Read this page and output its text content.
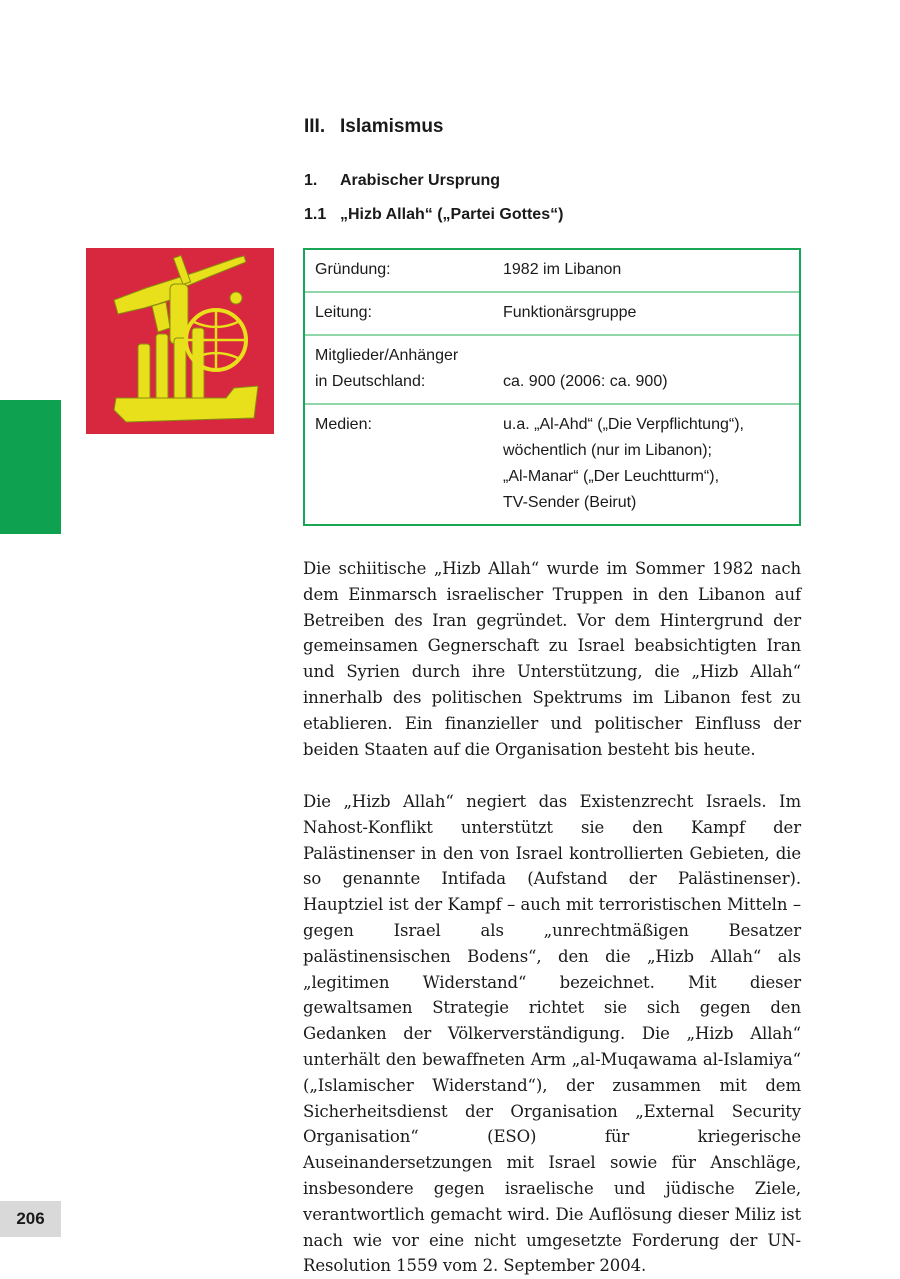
III. Islamismus
1. Arabischer Ursprung
1.1 „Hizb Allah“ („Partei Gottes“)
Gründung:	1982 im Libanon
Leitung:	Funktionärsgruppe
Mitglieder/Anhänger
in Deutschland:	ca. 900 (2006: ca. 900)
Medien:	u.a. „Al-Ahd“ („Die Verpflichtung“),
wöchentlich (nur im Libanon);
„Al-Manar“ („Der Leuchtturm“),
TV-Sender (Beirut)

Die schiitische „Hizb Allah“ wurde im Sommer 1982 nach dem Einmarsch israelischer Truppen in den Libanon auf Betreiben des Iran gegründet. Vor dem Hintergrund der gemeinsamen Gegnerschaft zu Israel beabsichtigten Iran und Syrien durch ihre Unterstützung, die „Hizb Allah“ innerhalb des politischen Spektrums im Libanon fest zu etablieren. Ein finanzieller und politischer Einfluss der beiden Staaten auf die Organisation besteht bis heute.

Die „Hizb Allah“ negiert das Existenzrecht Israels. Im Nahost-Konflikt unterstützt sie den Kampf der Palästinenser in den von Israel kontrollierten Gebieten, die so genannte Intifada (Aufstand der Palästinenser). Hauptziel ist der Kampf – auch mit terroristischen Mitteln – gegen Israel als „unrechtmäßigen Besatzer palästinensischen Bodens“, den die „Hizb Allah“ als „legitimen Widerstand“ bezeichnet. Mit dieser gewaltsamen Strategie richtet sie sich gegen den Gedanken der Völkerverständigung. Die „Hizb Allah“ unterhält den bewaffneten Arm „al-Muqawama al-Islamiya“ („Islamischer Widerstand“), der zusammen mit dem Sicherheitsdienst der Organisation „External Security Organisation“ (ESO) für kriegerische Auseinandersetzungen mit Israel sowie für Anschläge, insbesondere gegen israelische und jüdische Ziele, verantwortlich gemacht wird. Die Auflösung dieser Miliz ist nach wie vor eine nicht umgesetzte Forderung der UN-Resolution 1559 vom 2. September 2004.

206
